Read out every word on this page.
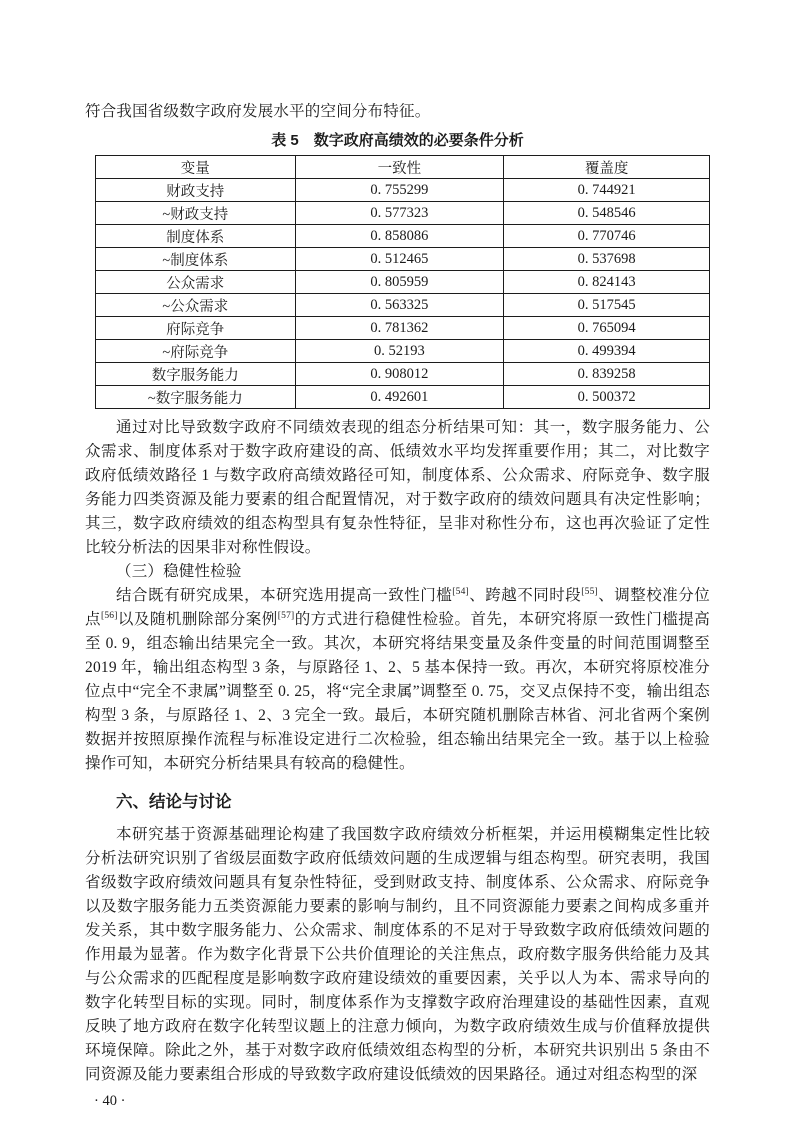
符合我国省级数字政府发展水平的空间分布特征。

表 5　数字政府高绩效的必要条件分析
变量	一致性	覆盖度
财政支持	0. 755299	0. 744921
~财政支持	0. 577323	0. 548546
制度体系	0. 858086	0. 770746
~制度体系	0. 512465	0. 537698
公众需求	0. 805959	0. 824143
~公众需求	0. 563325	0. 517545
府际竞争	0. 781362	0. 765094
~府际竞争	0. 52193	0. 499394
数字服务能力	0. 908012	0. 839258
~数字服务能力	0. 492601	0. 500372

通过对比导致数字政府不同绩效表现的组态分析结果可知：其一，数字服务能力、公众需求、制度体系对于数字政府建设的高、低绩效水平均发挥重要作用；其二，对比数字政府低绩效路径 1 与数字政府高绩效路径可知，制度体系、公众需求、府际竞争、数字服务能力四类资源及能力要素的组合配置情况，对于数字政府的绩效问题具有决定性影响；其三，数字政府绩效的组态构型具有复杂性特征，呈非对称性分布，这也再次验证了定性比较分析法的因果非对称性假设。

（三）稳健性检验

结合既有研究成果，本研究选用提高一致性门槛[54]、跨越不同时段[55]、调整校准分位点[56]以及随机删除部分案例[57]的方式进行稳健性检验。首先，本研究将原一致性门槛提高至 0. 9，组态输出结果完全一致。其次，本研究将结果变量及条件变量的时间范围调整至 2019 年，输出组态构型 3 条，与原路径 1、2、5 基本保持一致。再次，本研究将原校准分位点中“完全不隶属”调整至 0. 25，将“完全隶属”调整至 0. 75，交叉点保持不变，输出组态构型 3 条，与原路径 1、2、3 完全一致。最后，本研究随机删除吉林省、河北省两个案例数据并按照原操作流程与标准设定进行二次检验，组态输出结果完全一致。基于以上检验操作可知，本研究分析结果具有较高的稳健性。

六、结论与讨论

本研究基于资源基础理论构建了我国数字政府绩效分析框架，并运用模糊集定性比较分析法研究识别了省级层面数字政府低绩效问题的生成逻辑与组态构型。研究表明，我国省级数字政府绩效问题具有复杂性特征，受到财政支持、制度体系、公众需求、府际竞争以及数字服务能力五类资源能力要素的影响与制约，且不同资源能力要素之间构成多重并发关系，其中数字服务能力、公众需求、制度体系的不足对于导致数字政府低绩效问题的作用最为显著。作为数字化背景下公共价值理论的关注焦点，政府数字服务供给能力及其与公众需求的匹配程度是影响数字政府建设绩效的重要因素，关乎以人为本、需求导向的数字化转型目标的实现。同时，制度体系作为支撑数字政府治理建设的基础性因素，直观反映了地方政府在数字化转型议题上的注意力倾向，为数字政府绩效生成与价值释放提供环境保障。除此之外，基于对数字政府低绩效组态构型的分析，本研究共识别出 5 条由不同资源及能力要素组合形成的导致数字政府建设低绩效的因果路径。通过对组态构型的深

· 40 ·
